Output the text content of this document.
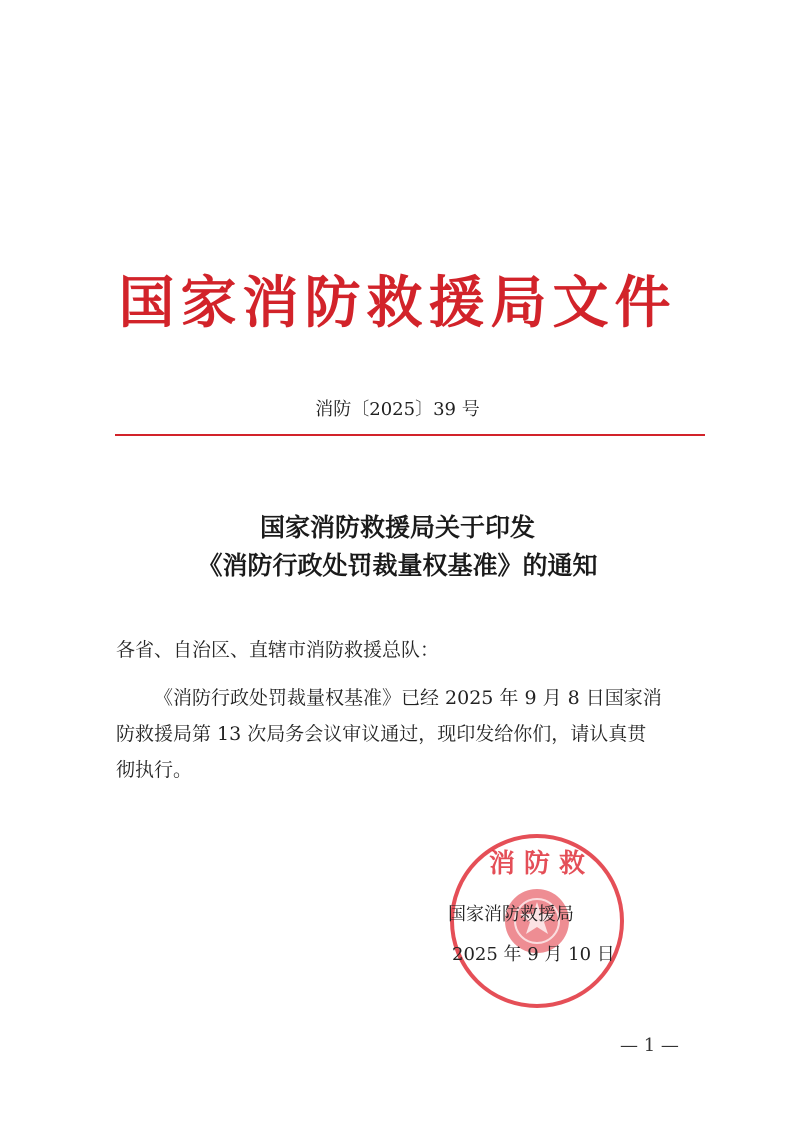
国家消防救援局文件
消防〔2025〕39 号
国家消防救援局关于印发
《消防行政处罚裁量权基准》的通知
各省、自治区、直辖市消防救援总队：
《消防行政处罚裁量权基准》已经 2025 年 9 月 8 日国家消
防救援局第 13 次局务会议审议通过，现印发给你们，请认真贯
彻执行。
消 防 救
国家消防救援局
2025 年 9 月 10 日
— 1 —
